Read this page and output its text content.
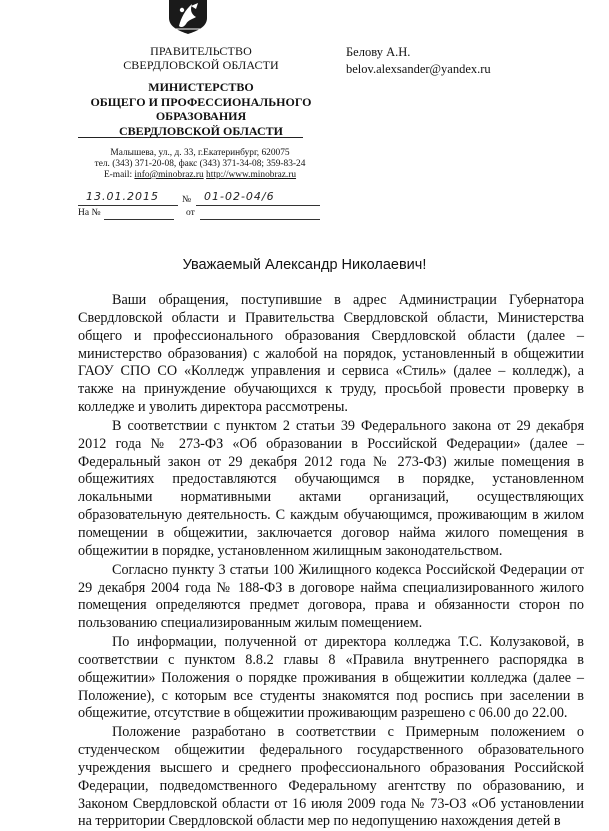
ПРАВИТЕЛЬСТВО
СВЕРДЛОВСКОЙ ОБЛАСТИ
МИНИСТЕРСТВО
ОБЩЕГО И ПРОФЕССИОНАЛЬНОГО
ОБРАЗОВАНИЯ
СВЕРДЛОВСКОЙ ОБЛАСТИ
Малышева, ул., д. 33, г.Екатеринбург, 620075
тел. (343) 371-20-08, факс (343) 371-34-08; 359-83-24
E-mail: info@minobraz.ru http://www.minobraz.ru
13.01.2015 № 01-02-04/6
На №	от
Белову А.Н.
belov.alexsander@yandex.ru
Уважаемый Александр Николаевич!

Ваши обращения, поступившие в адрес Администрации Губернатора Свердловской области и Правительства Свердловской области, Министерства общего и профессионального образования Свердловской области (далее – министерство образования) с жалобой на порядок, установленный в общежитии ГАОУ СПО СО «Колледж управления и сервиса «Стиль» (далее – колледж), а также на принуждение обучающихся к труду, просьбой провести проверку в колледже и уволить директора рассмотрены.

В соответствии с пунктом 2 статьи 39 Федерального закона от 29 декабря 2012 года № 273-ФЗ «Об образовании в Российской Федерации» (далее – Федеральный закон от 29 декабря 2012 года № 273-ФЗ) жилые помещения в общежитиях предоставляются обучающимся в порядке, установленном локальными нормативными актами организаций, осуществляющих образовательную деятельность. С каждым обучающимся, проживающим в жилом помещении в общежитии, заключается договор найма жилого помещения в общежитии в порядке, установленном жилищным законодательством.

Согласно пункту 3 статьи 100 Жилищного кодекса Российской Федерации от 29 декабря 2004 года № 188-ФЗ в договоре найма специализированного жилого помещения определяются предмет договора, права и обязанности сторон по пользованию специализированным жилым помещением.

По информации, полученной от директора колледжа Т.С. Колузаковой, в соответствии с пунктом 8.8.2 главы 8 «Правила внутреннего распорядка в общежитии» Положения о порядке проживания в общежитии колледжа (далее – Положение), с которым все студенты знакомятся под роспись при заселении в общежитие, отсутствие в общежитии проживающим разрешено с 06.00 до 22.00.

Положение разработано в соответствии с Примерным положением о студенческом общежитии федерального государственного образовательного учреждения высшего и среднего профессионального образования Российской Федерации, подведомственного Федеральному агентству по образованию, и Законом Свердловской области от 16 июля 2009 года № 73-ОЗ «Об установлении на территории Свердловской области мер по недопущению нахождения детей в
